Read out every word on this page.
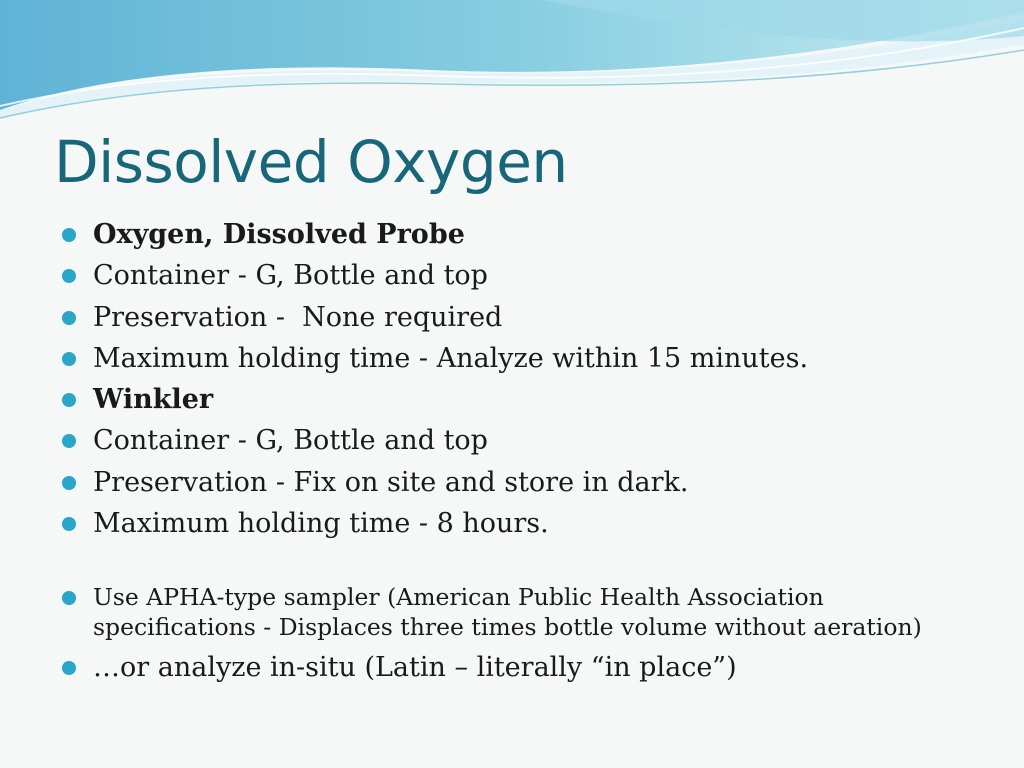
Dissolved Oxygen
Oxygen, Dissolved Probe
Container - G, Bottle and top
Preservation -  None required
Maximum holding time - Analyze within 15 minutes.
Winkler
Container - G, Bottle and top
Preservation - Fix on site and store in dark.
Maximum holding time - 8 hours.
Use APHA-type sampler (American Public Health Association specifications - Displaces three times bottle volume without aeration)
…or analyze in-situ (Latin – literally “in place”)
